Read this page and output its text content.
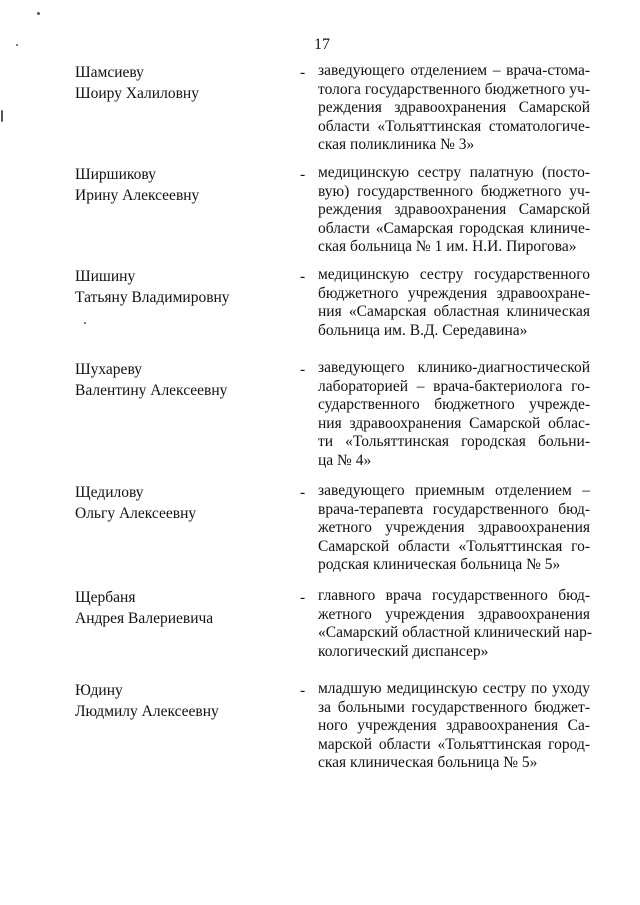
17
Шамсиеву
Шоиру Халиловну
- заведующего отделением – врача-стома-
толога государственного бюджетного уч-
реждения здравоохранения Самарской
области «Тольяттинская стоматологиче-
ская поликлиника № 3»
Ширшикову
Ирину Алексеевну
- медицинскую сестру палатную (посто-
вую) государственного бюджетного уч-
реждения здравоохранения Самарской
области «Самарская городская клиниче-
ская больница № 1 им. Н.И. Пирогова»
Шишину
Татьяну Владимировну
- медицинскую сестру государственного
бюджетного учреждения здравоохране-
ния «Самарская областная клиническая
больница им. В.Д. Середавина»
Шухареву
Валентину Алексеевну
- заведующего клинико-диагностической
лабораторией – врача-бактериолога го-
сударственного бюджетного учрежде-
ния здравоохранения Самарской облас-
ти «Тольяттинская городская больни-
ца № 4»
Щедилову
Ольгу Алексеевну
- заведующего приемным отделением –
врача-терапевта государственного бюд-
жетного учреждения здравоохранения
Самарской области «Тольяттинская го-
родская клиническая больница № 5»
Щербаня
Андрея Валериевича
- главного врача государственного бюд-
жетного учреждения здравоохранения
«Самарский областной клинический нар-
кологический диспансер»
Юдину
Людмилу Алексеевну
- младшую медицинскую сестру по уходу
за больными государственного бюджет-
ного учреждения здравоохранения Са-
марской области «Тольяттинская город-
ская клиническая больница № 5»
